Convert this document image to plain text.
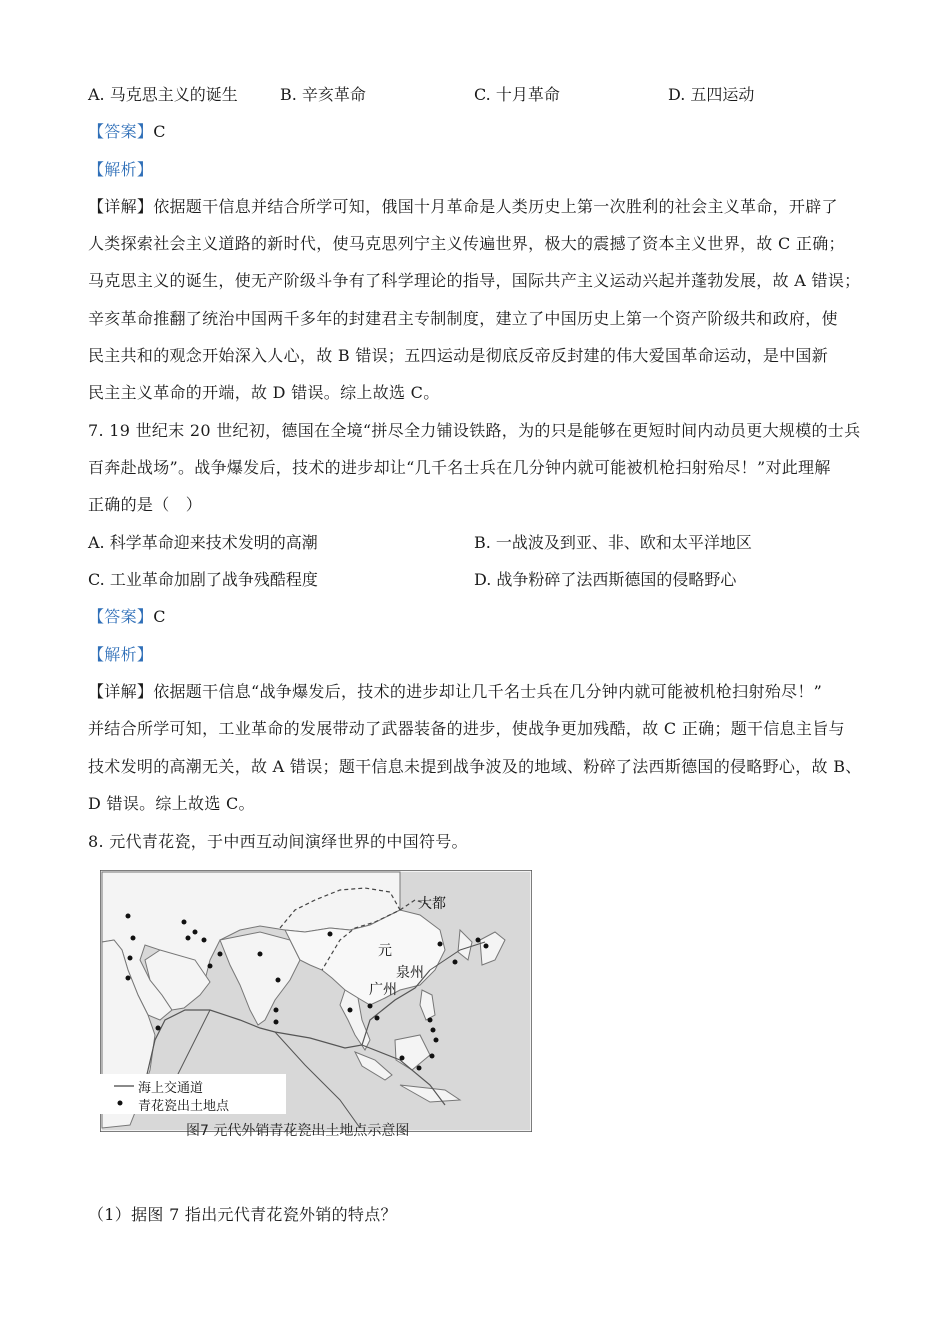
A. 马克思主义的诞生	B. 辛亥革命	C. 十月革命	D. 五四运动
【答案】C
【解析】
【详解】依据题干信息并结合所学可知，俄国十月革命是人类历史上第一次胜利的社会主义革命，开辟了
人类探索社会主义道路的新时代，使马克思列宁主义传遍世界，极大的震撼了资本主义世界，故 C 正确；
马克思主义的诞生，使无产阶级斗争有了科学理论的指导，国际共产主义运动兴起并蓬勃发展，故 A 错误；
辛亥革命推翻了统治中国两千多年的封建君主专制制度，建立了中国历史上第一个资产阶级共和政府，使
民主共和的观念开始深入人心，故 B 错误；五四运动是彻底反帝反封建的伟大爱国革命运动，是中国新
民主主义革命的开端，故 D 错误。综上故选 C。
7. 19 世纪末 20 世纪初，德国在全境“拼尽全力铺设铁路，为的只是能够在更短时间内动员更大规模的士兵
百奔赴战场”。战争爆发后，技术的进步却让“几千名士兵在几分钟内就可能被机枪扫射殆尽！”对此理解
正确的是（　）
A. 科学革命迎来技术发明的高潮	B. 一战波及到亚、非、欧和太平洋地区
C. 工业革命加剧了战争残酷程度	D. 战争粉碎了法西斯德国的侵略野心
【答案】C
【解析】
【详解】依据题干信息“战争爆发后，技术的进步却让几千名士兵在几分钟内就可能被机枪扫射殆尽！”
并结合所学可知，工业革命的发展带动了武器装备的进步，使战争更加残酷，故 C 正确；题干信息主旨与
技术发明的高潮无关，故 A 错误；题干信息未提到战争波及的地域、粉碎了法西斯德国的侵略野心，故 B、
D 错误。综上故选 C。
8. 元代青花瓷，于中西互动间演绎世界的中国符号。
大都
元
泉州
广州
海上交通道
青花瓷出土地点
图7 元代外销青花瓷出土地点示意图
（1）据图 7 指出元代青花瓷外销的特点？
